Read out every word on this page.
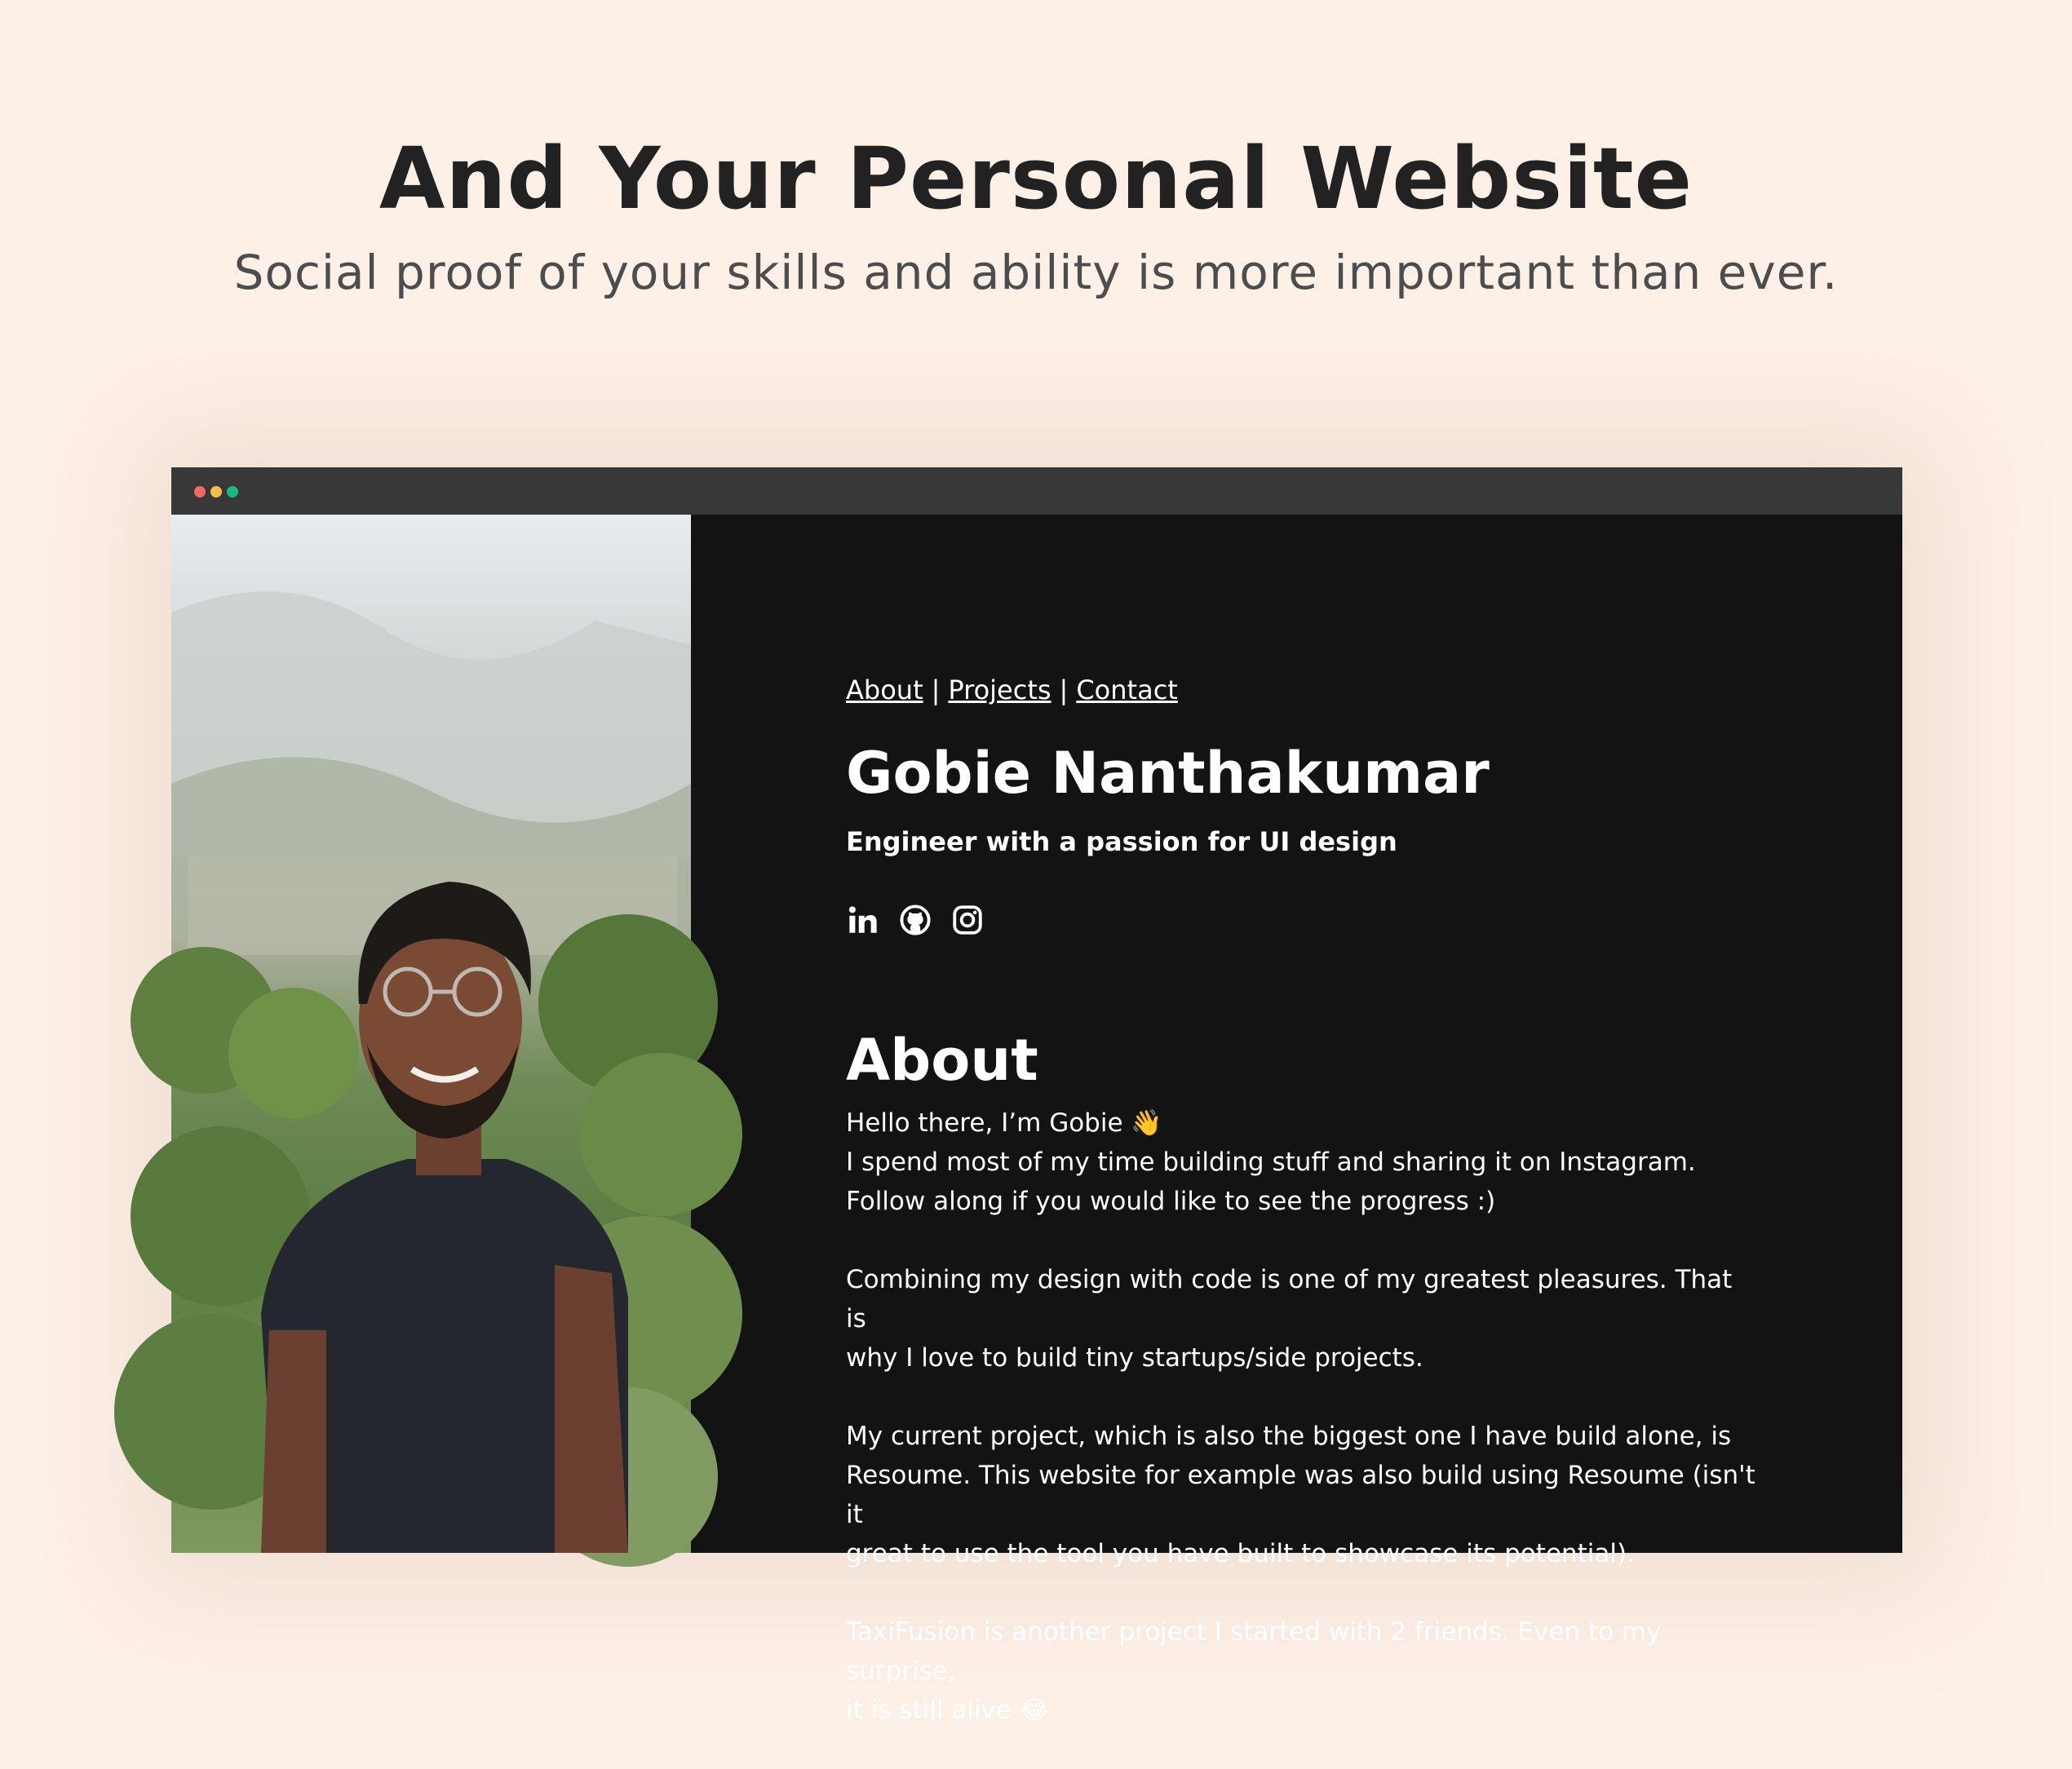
And Your Personal Website

Social proof of your skills and ability is more important than ever.

About | Projects | Contact
Gobie Nanthakumar
Engineer with a passion for UI design
About

Hello there, I’m Gobie 👋
I spend most of my time building stuff and sharing it on Instagram.
Follow along if you would like to see the progress :)

Combining my design with code is one of my greatest pleasures. That is
why I love to build tiny startups/side projects.

My current project, which is also the biggest one I have build alone, is
Resoume. This website for example was also build using Resoume (isn't it
great to use the tool you have built to showcase its potential).

TaxiFusion is another project I started with 2 friends. Even to my surprise,
it is still alive 😂
